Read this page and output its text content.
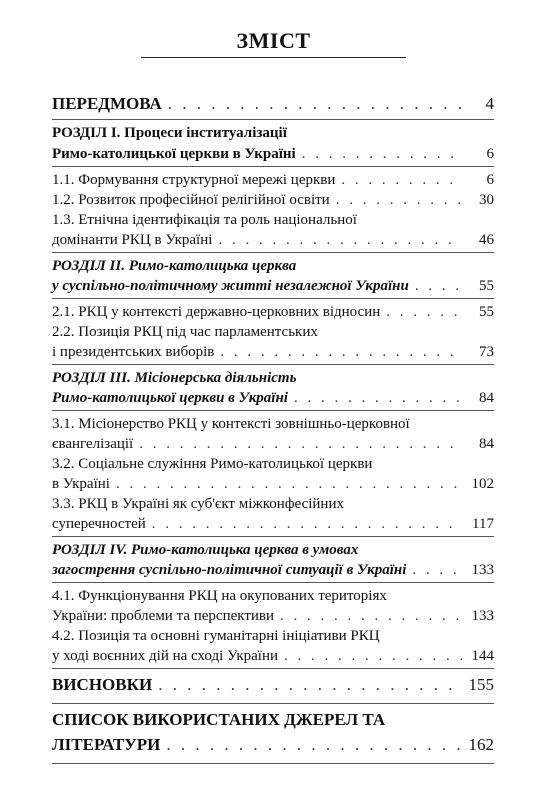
ЗМІСТ
ПЕРЕДМОВА . . .	4
РОЗДІЛ І. Процеси інституалізації
Римо-католицької церкви в Україні . . .	6
1.1. Формування структурної мережі церкви . . .	6
1.2. Розвиток професійної релігійної освіти . . .	30
1.3. Етнічна ідентифікація та роль національної
домінанти РКЦ в Україні . . .	46
РОЗДІЛ ІІ. Римо-католицька церква
у суспільно-політичному житті незалежної України . . .	55
2.1. РКЦ у контексті державно-церковних відносин . . .	55
2.2. Позиція РКЦ під час парламентських
і президентських виборів . . .	73
РОЗДІЛ ІІІ. Місіонерська діяльність
Римо-католицької церкви в Україні . . .	84
3.1. Місіонерство РКЦ у контексті зовнішньо-церковної
євангелізації . . .	84
3.2. Соціальне служіння Римо-католицької церкви
в Україні . . .	102
3.3. РКЦ в Україні як суб'єкт міжконфесійних
суперечностей . . .	117
РОЗДІЛ ІV. Римо-католицька церква в умовах
загострення суспільно-політичної ситуації в Україні . . .	133
4.1. Функціонування РКЦ на окупованих територіях
України: проблеми та перспективи . . .	133
4.2. Позиція та основні гуманітарні ініціативи РКЦ
у ході воєнних дій на сході України . . .	144
ВИСНОВКИ . . .	155
СПИСОК ВИКОРИСТАНИХ ДЖЕРЕЛ ТА
ЛІТЕРАТУРИ . . .	162
